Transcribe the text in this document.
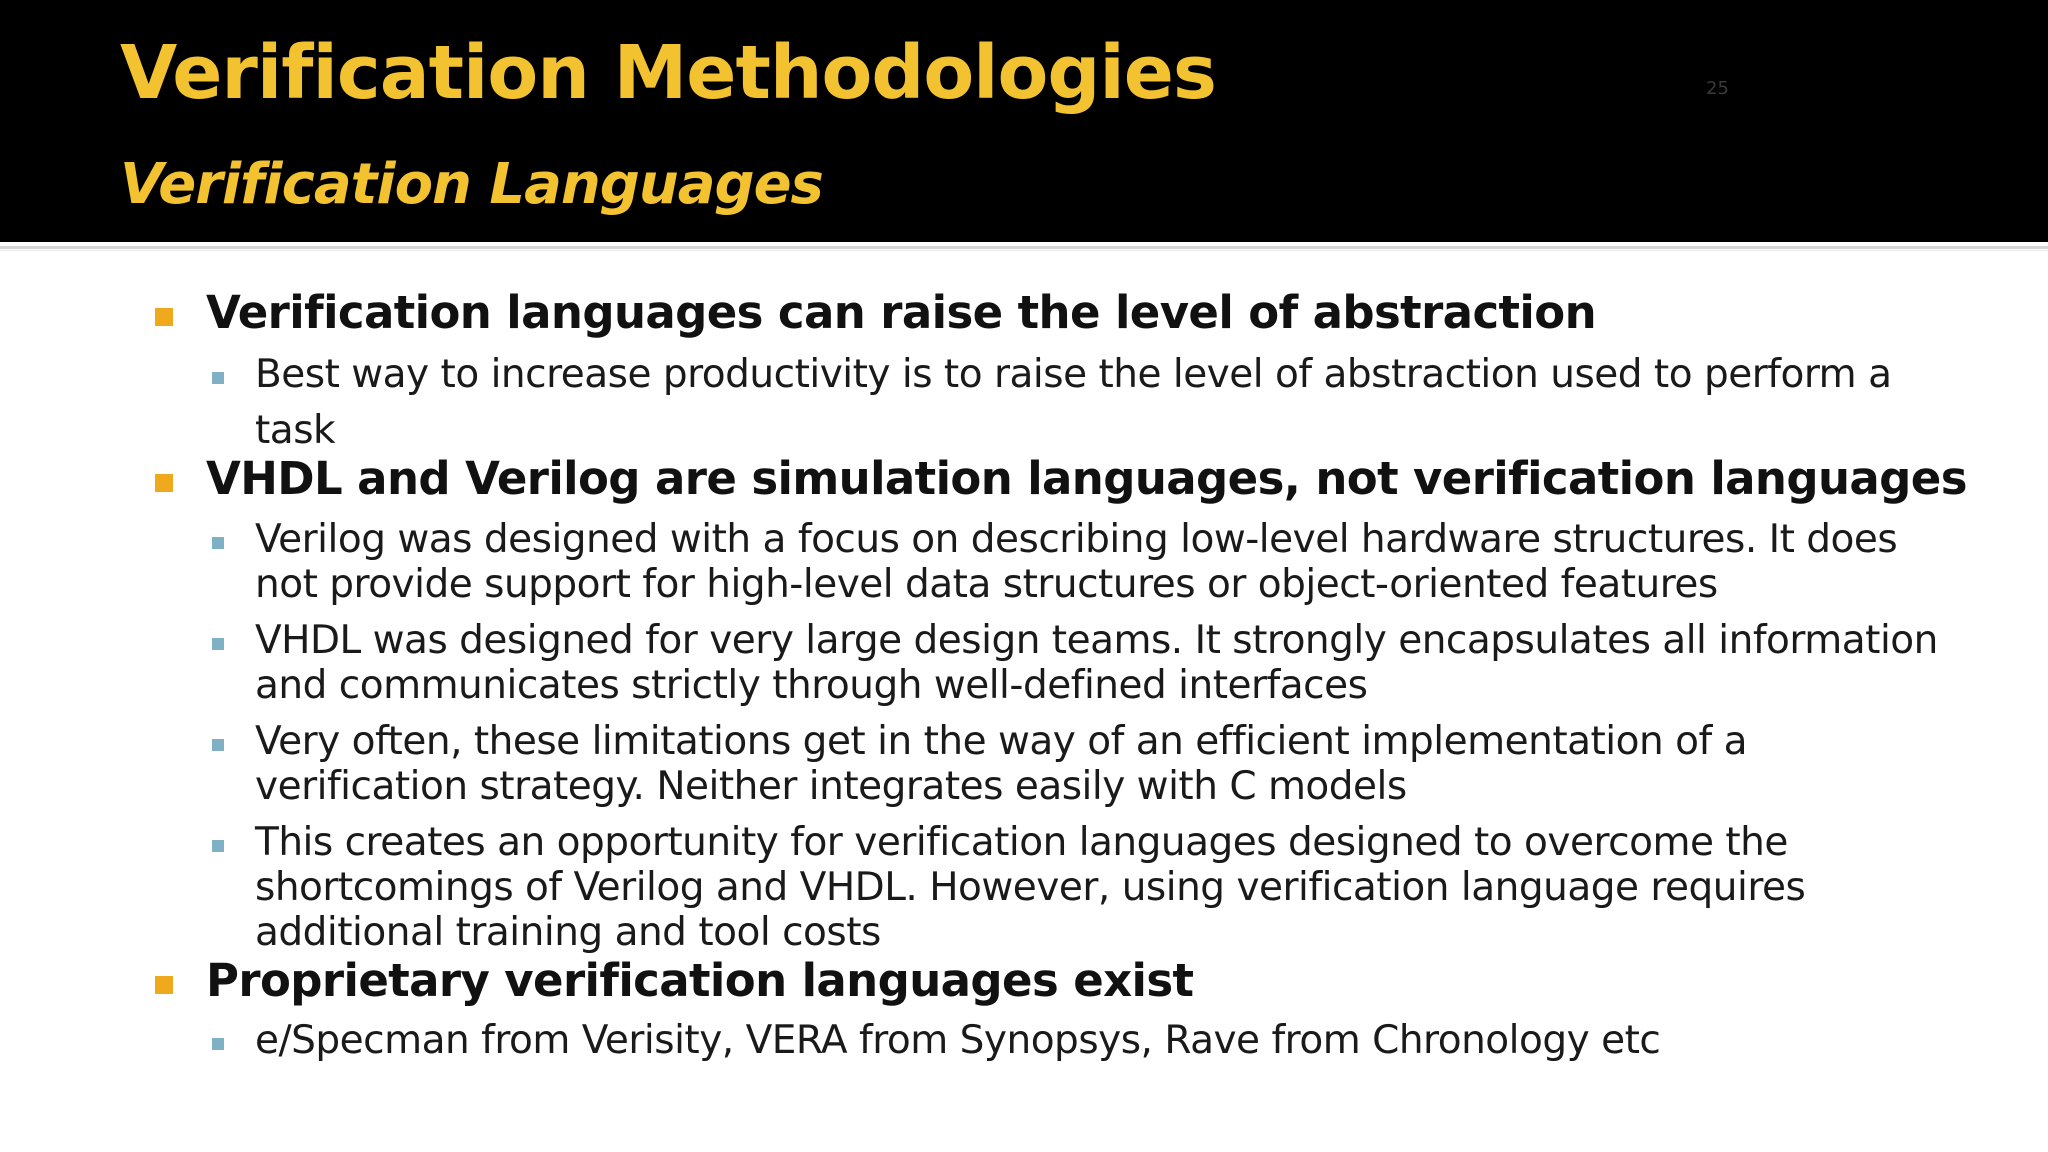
Verification Methodologies
Verification Languages
25
Verification languages can raise the level of abstraction
Best way to increase productivity is to raise the level of abstraction used to perform a
task
VHDL and Verilog are simulation languages, not verification languages
Verilog was designed with a focus on describing low-level hardware structures. It does
not provide support for high-level data structures or object-oriented features
VHDL was designed for very large design teams. It strongly encapsulates all information
and communicates strictly through well-defined interfaces
Very often, these limitations get in the way of an efficient implementation of a
verification strategy. Neither integrates easily with C models
This creates an opportunity for verification languages designed to overcome the
shortcomings of Verilog and VHDL. However, using verification language requires
additional training and tool costs
Proprietary verification languages exist
e/Specman from Verisity, VERA from Synopsys, Rave from Chronology etc
